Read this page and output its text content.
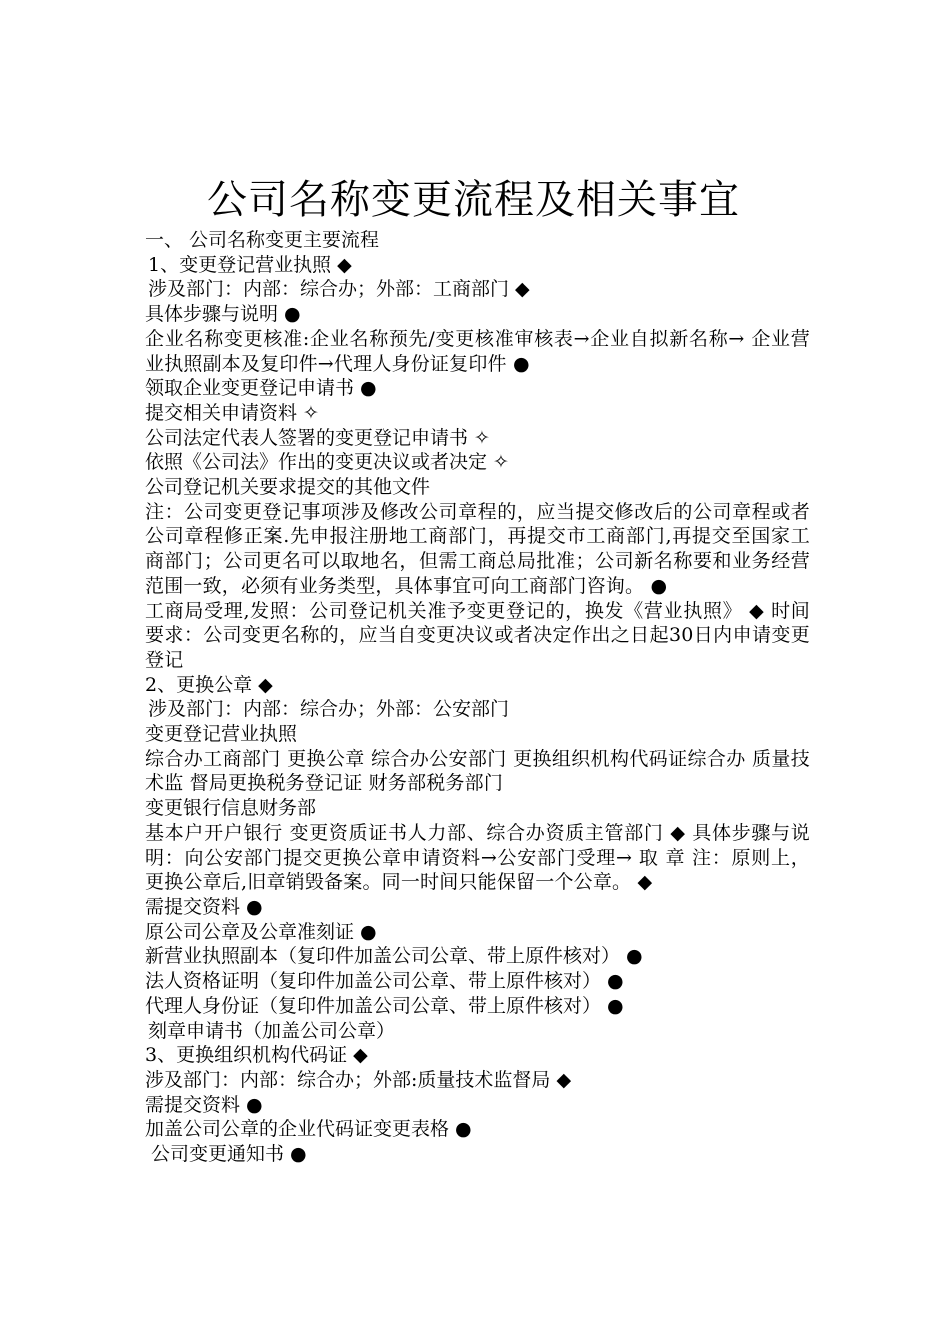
公司名称变更流程及相关事宜
一、 公司名称变更主要流程
1、变更登记营业执照 ◆
涉及部门：内部：综合办；外部：工商部门 ◆
具体步骤与说明 ●
企业名称变更核准:企业名称预先/变更核准审核表→企业自拟新名称→ 企业营业执照副本及复印件→代理人身份证复印件 ●
领取企业变更登记申请书 ●
提交相关申请资料 ✧
公司法定代表人签署的变更登记申请书 ✧
依照《公司法》作出的变更决议或者决定 ✧
公司登记机关要求提交的其他文件
注：公司变更登记事项涉及修改公司章程的，应当提交修改后的公司章程或者公司章程修正案.先申报注册地工商部门，再提交市工商部门,再提交至国家工商部门；公司更名可以取地名，但需工商总局批准；公司新名称要和业务经营范围一致，必须有业务类型，具体事宜可向工商部门咨询。 ●
工商局受理,发照：公司登记机关准予变更登记的，换发《营业执照》 ◆ 时间要求：公司变更名称的，应当自变更决议或者决定作出之日起30日内申请变更登记
2、更换公章 ◆
涉及部门：内部：综合办；外部：公安部门
变更登记营业执照
综合办工商部门 更换公章 综合办公安部门 更换组织机构代码证综合办 质量技术监 督局更换税务登记证 财务部税务部门
变更银行信息财务部
基本户开户银行 变更资质证书人力部、综合办资质主管部门 ◆ 具体步骤与说明：向公安部门提交更换公章申请资料→公安部门受理→ 取 章 注：原则上，更换公章后,旧章销毁备案。同一时间只能保留一个公章。 ◆
需提交资料 ●
原公司公章及公章准刻证 ●
新营业执照副本（复印件加盖公司公章、带上原件核对） ●
法人资格证明（复印件加盖公司公章、带上原件核对） ●
代理人身份证（复印件加盖公司公章、带上原件核对） ●
刻章申请书（加盖公司公章）
3、更换组织机构代码证 ◆
涉及部门：内部：综合办；外部:质量技术监督局 ◆
需提交资料 ●
加盖公司公章的企业代码证变更表格 ●
公司变更通知书 ●
